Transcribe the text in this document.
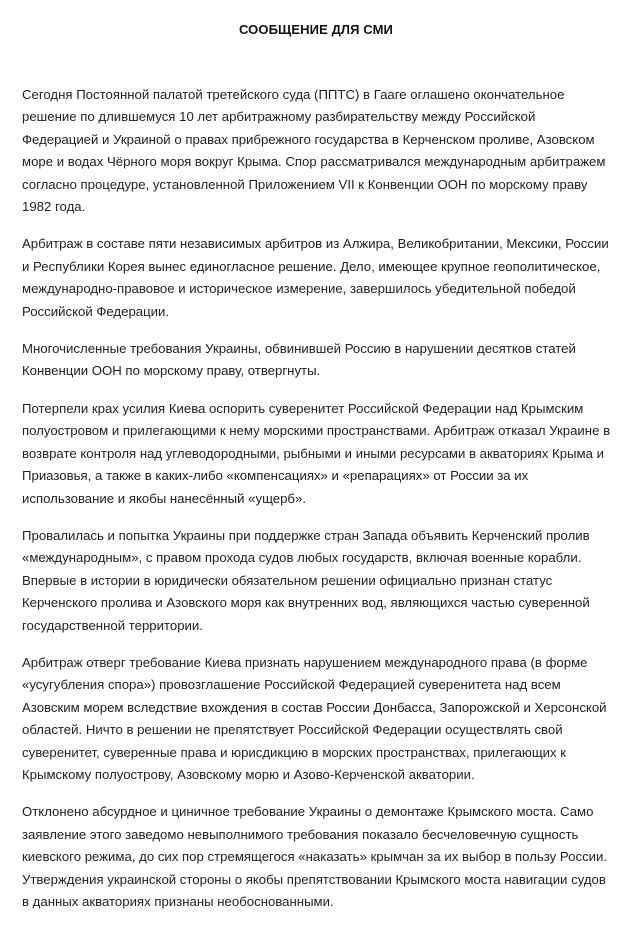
СООБЩЕНИЕ ДЛЯ СМИ

Сегодня Постоянной палатой третейского суда (ППТС) в Гааге оглашено окончательное решение по длившемуся 10 лет арбитражному разбирательству между Российской Федерацией и Украиной о правах прибрежного государства в Керченском проливе, Азовском море и водах Чёрного моря вокруг Крыма. Спор рассматривался международным арбитражем согласно процедуре, установленной Приложением VII к Конвенции ООН по морскому праву 1982 года.

Арбитраж в составе пяти независимых арбитров из Алжира, Великобритании, Мексики, России и Республики Корея вынес единогласное решение. Дело, имеющее крупное геополитическое, международно-правовое и историческое измерение, завершилось убедительной победой Российской Федерации.

Многочисленные требования Украины, обвинившей Россию в нарушении десятков статей Конвенции ООН по морскому праву, отвергнуты.

Потерпели крах усилия Киева оспорить суверенитет Российской Федерации над Крымским полуостровом и прилегающими к нему морскими пространствами. Арбитраж отказал Украине в возврате контроля над углеводородными, рыбными и иными ресурсами в акваториях Крыма и Приазовья, а также в каких-либо «компенсациях» и «репарациях» от России за их использование и якобы нанесённый «ущерб».

Провалилась и попытка Украины при поддержке стран Запада объявить Керченский пролив «международным», с правом прохода судов любых государств, включая военные корабли. Впервые в истории в юридически обязательном решении официально признан статус Керченского пролива и Азовского моря как внутренних вод, являющихся частью суверенной государственной территории.

Арбитраж отверг требование Киева признать нарушением международного права (в форме «усугубления спора») провозглашение Российской Федерацией суверенитета над всем Азовским морем вследствие вхождения в состав России Донбасса, Запорожской и Херсонской областей. Ничто в решении не препятствует Российской Федерации осуществлять свой суверенитет, суверенные права и юрисдикцию в морских пространствах, прилегающих к Крымскому полуострову, Азовскому морю и Азово-Керченской акватории.

Отклонено абсурдное и циничное требование Украины о демонтаже Крымского моста. Само заявление этого заведомо невыполнимого требования показало бесчеловечную сущность киевского режима, до сих пор стремящегося «наказать» крымчан за их выбор в пользу России. Утверждения украинской стороны о якобы препятствовании Крымского моста навигации судов в данных акваториях признаны необоснованными.
